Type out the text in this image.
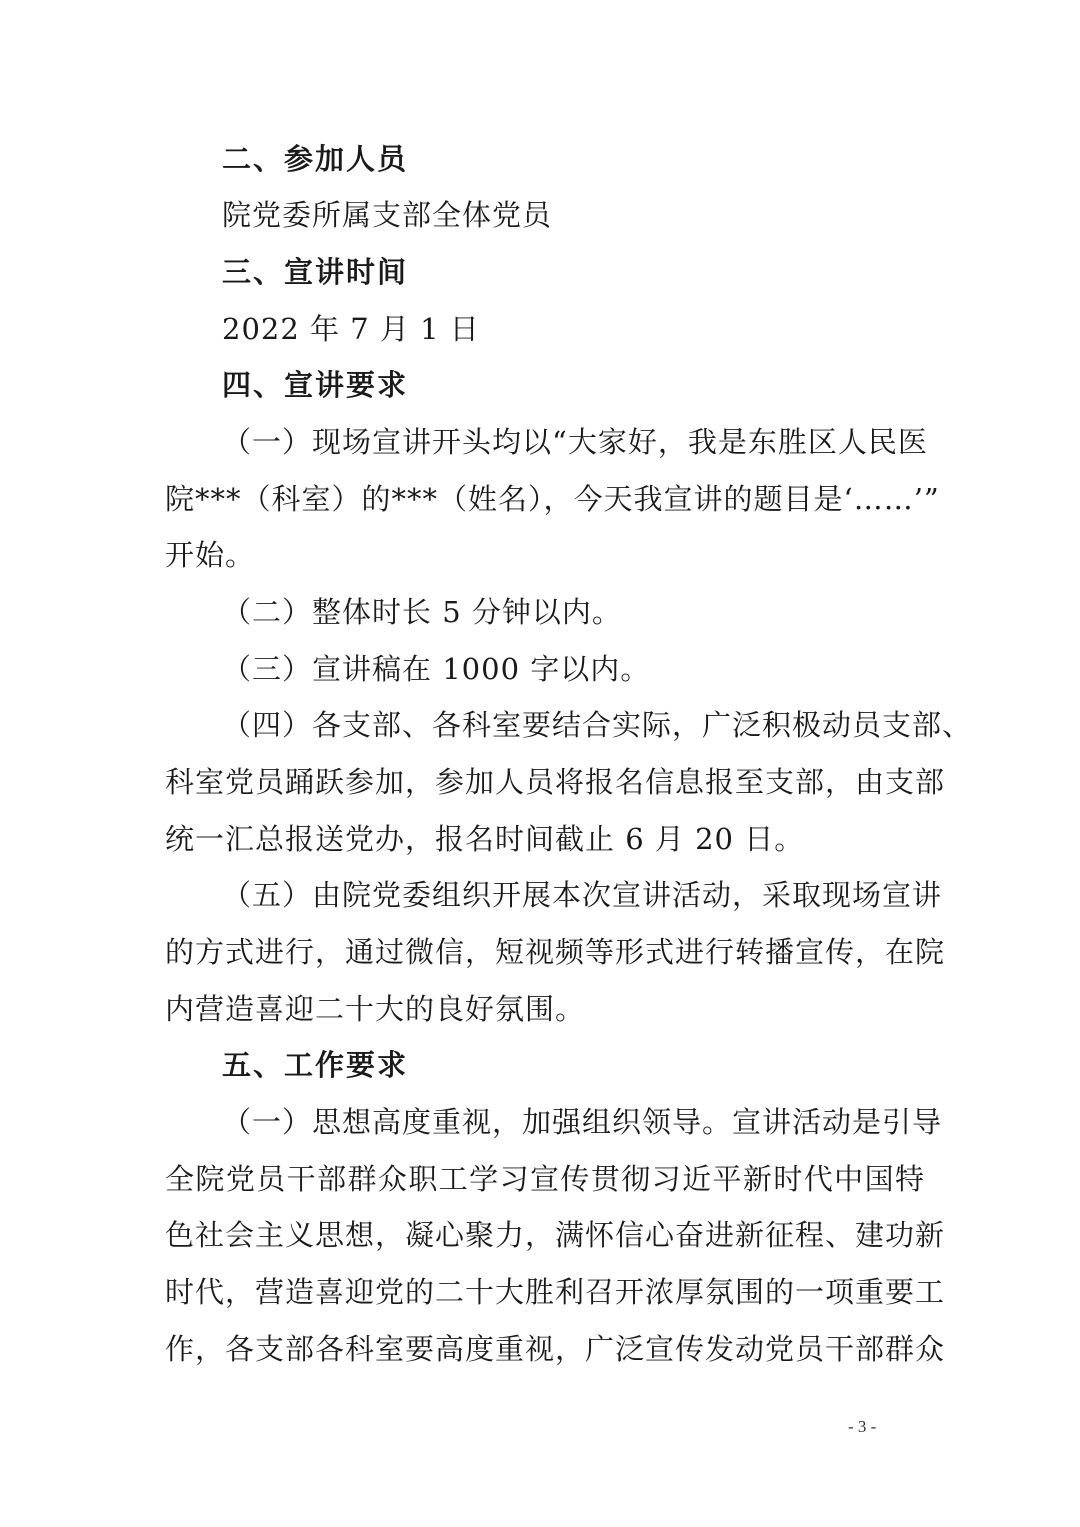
二、参加人员
院党委所属支部全体党员
三、宣讲时间
2022 年 7 月 1 日
四、宣讲要求
（一）现场宣讲开头均以“大家好，我是东胜区人民医
院***（科室）的***（姓名），今天我宣讲的题目是‘……’”
开始。
（二）整体时长 5 分钟以内。
（三）宣讲稿在 1000 字以内。
（四）各支部、各科室要结合实际，广泛积极动员支部、
科室党员踊跃参加，参加人员将报名信息报至支部，由支部
统一汇总报送党办，报名时间截止 6 月 20 日。
（五）由院党委组织开展本次宣讲活动，采取现场宣讲
的方式进行，通过微信，短视频等形式进行转播宣传，在院
内营造喜迎二十大的良好氛围。
五、工作要求
（一）思想高度重视，加强组织领导。宣讲活动是引导
全院党员干部群众职工学习宣传贯彻习近平新时代中国特
色社会主义思想，凝心聚力，满怀信心奋进新征程、建功新
时代，营造喜迎党的二十大胜利召开浓厚氛围的一项重要工
作，各支部各科室要高度重视，广泛宣传发动党员干部群众
- 3 -
